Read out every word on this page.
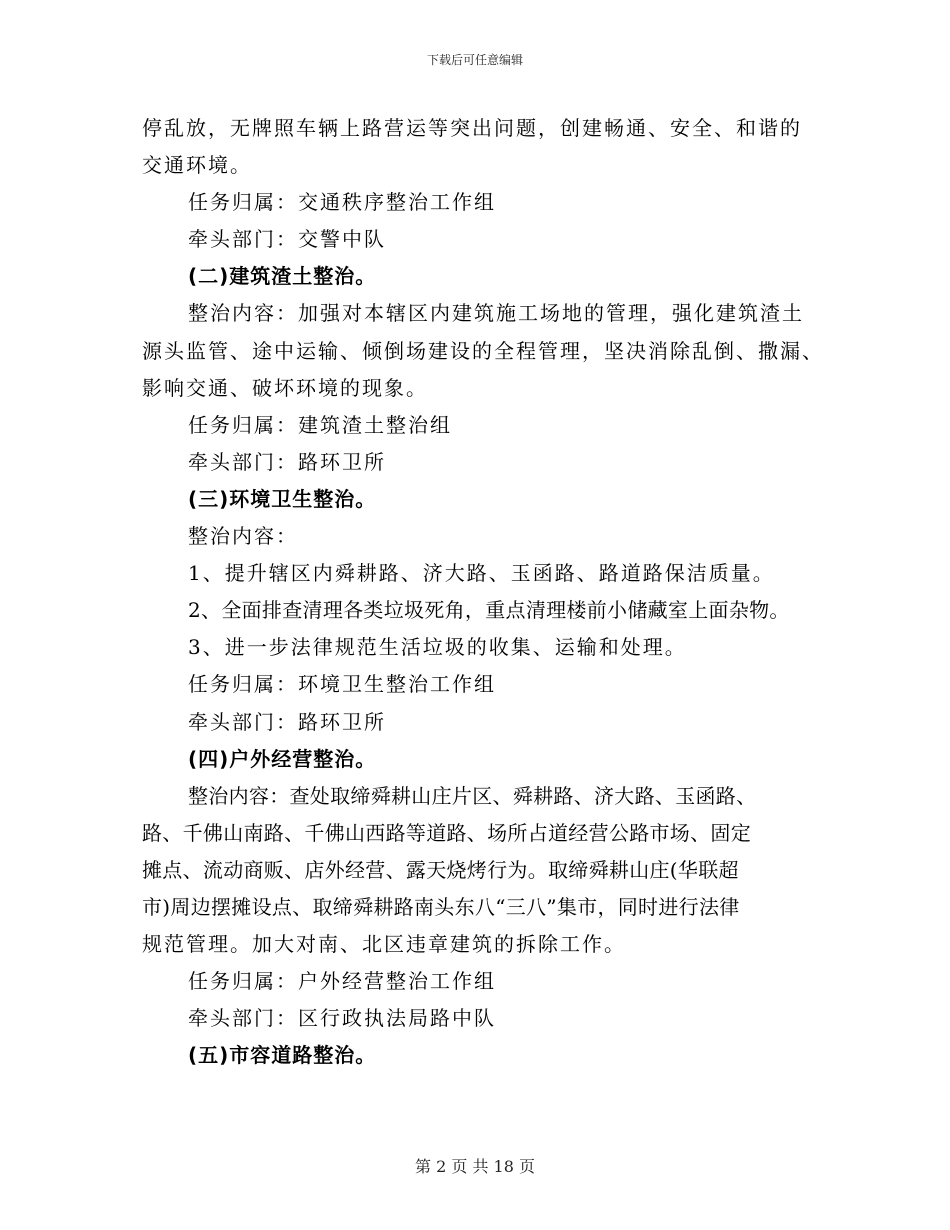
下载后可任意编辑
停乱放，无牌照车辆上路营运等突出问题，创建畅通、安全、和谐的
交通环境。
任务归属：交通秩序整治工作组
牵头部门：交警中队
(二)建筑渣土整治。
整治内容：加强对本辖区内建筑施工场地的管理，强化建筑渣土
源头监管、途中运输、倾倒场建设的全程管理，坚决消除乱倒、撒漏、
影响交通、破坏环境的现象。
任务归属：建筑渣土整治组
牵头部门：路环卫所
(三)环境卫生整治。
整治内容：
1、提升辖区内舜耕路、济大路、玉函路、路道路保洁质量。
2、全面排查清理各类垃圾死角，重点清理楼前小储藏室上面杂物。
3、进一步法律规范生活垃圾的收集、运输和处理。
任务归属：环境卫生整治工作组
牵头部门：路环卫所
(四)户外经营整治。
整治内容：查处取缔舜耕山庄片区、舜耕路、济大路、玉函路、
路、千佛山南路、千佛山西路等道路、场所占道经营公路市场、固定
摊点、流动商贩、店外经营、露天烧烤行为。取缔舜耕山庄(华联超
市)周边摆摊设点、取缔舜耕路南头东八“三八”集市，同时进行法律
规范管理。加大对南、北区违章建筑的拆除工作。
任务归属：户外经营整治工作组
牵头部门：区行政执法局路中队
(五)市容道路整治。
第 2 页 共 18 页
